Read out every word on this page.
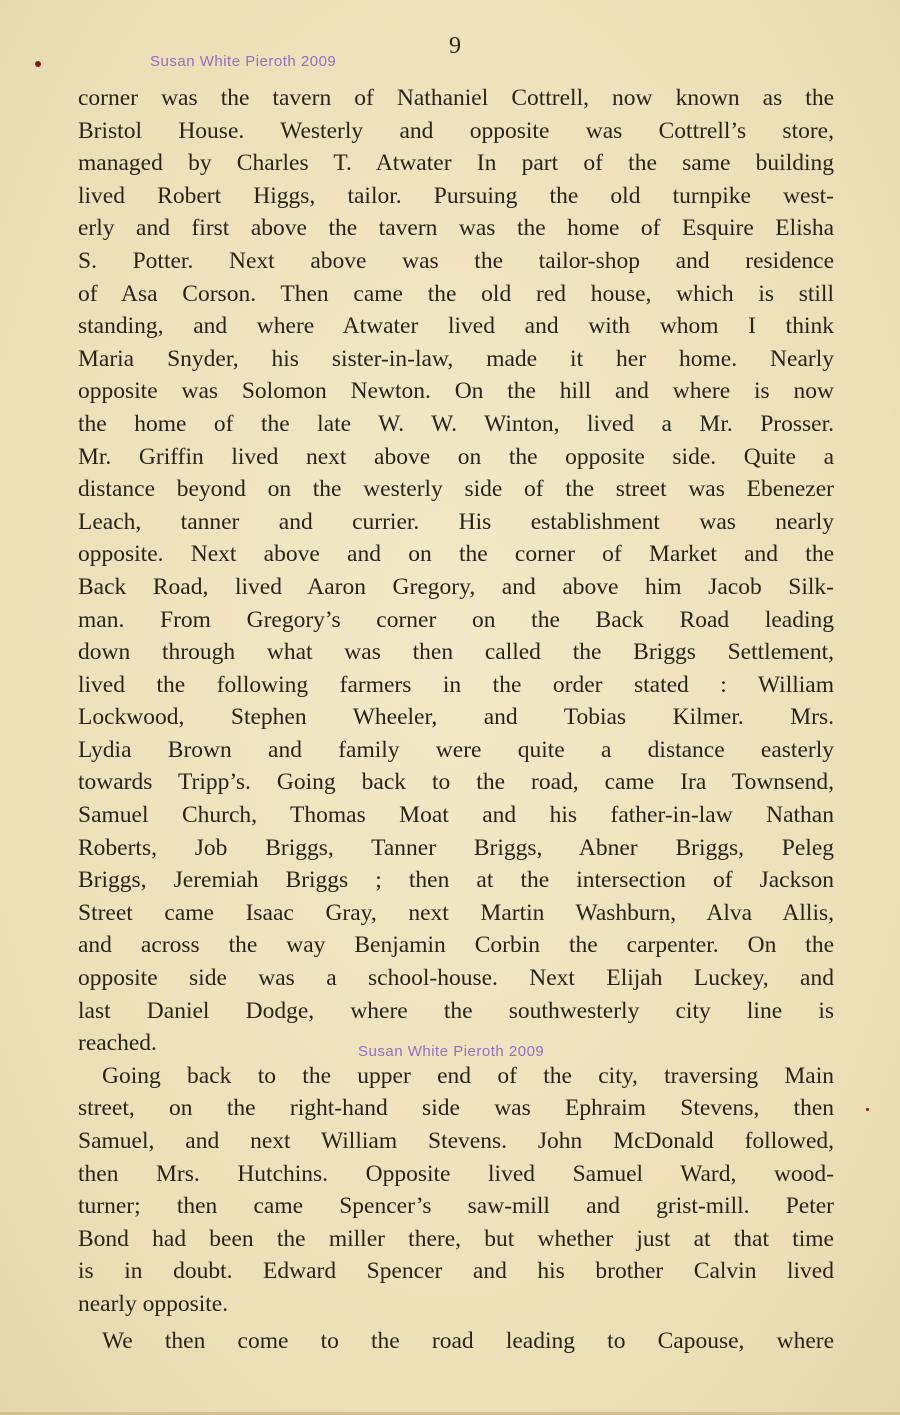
9
Susan White Pieroth 2009
corner was the tavern of Nathaniel Cottrell, now known as the
Bristol House. Westerly and opposite was Cottrell’s store,
managed by Charles T. Atwater In part of the same building
lived Robert Higgs, tailor. Pursuing the old turnpike west-
erly and first above the tavern was the home of Esquire Elisha
S. Potter. Next above was the tailor-shop and residence
of Asa Corson. Then came the old red house, which is still
standing, and where Atwater lived and with whom I think
Maria Snyder, his sister-in-law, made it her home. Nearly
opposite was Solomon Newton. On the hill and where is now
the home of the late W. W. Winton, lived a Mr. Prosser.
Mr. Griffin lived next above on the opposite side. Quite a
distance beyond on the westerly side of the street was Ebenezer
Leach, tanner and currier. His establishment was nearly
opposite. Next above and on the corner of Market and the
Back Road, lived Aaron Gregory, and above him Jacob Silk-
man. From Gregory’s corner on the Back Road leading
down through what was then called the Briggs Settlement,
lived the following farmers in the order stated : William
Lockwood, Stephen Wheeler, and Tobias Kilmer. Mrs.
Lydia Brown and family were quite a distance easterly
towards Tripp’s. Going back to the road, came Ira Townsend,
Samuel Church, Thomas Moat and his father-in-law Nathan
Roberts, Job Briggs, Tanner Briggs, Abner Briggs, Peleg
Briggs, Jeremiah Briggs ; then at the intersection of Jackson
Street came Isaac Gray, next Martin Washburn, Alva Allis,
and across the way Benjamin Corbin the carpenter. On the
opposite side was a school-house. Next Elijah Luckey, and
last Daniel Dodge, where the southwesterly city line is
reached.
Going back to the upper end of the city, traversing Main
street, on the right-hand side was Ephraim Stevens, then
Samuel, and next William Stevens. John McDonald followed,
then Mrs. Hutchins. Opposite lived Samuel Ward, wood-
turner; then came Spencer’s saw-mill and grist-mill. Peter
Bond had been the miller there, but whether just at that time
is in doubt. Edward Spencer and his brother Calvin lived
nearly opposite.
We then come to the road leading to Capouse, where
Susan White Pieroth 2009
